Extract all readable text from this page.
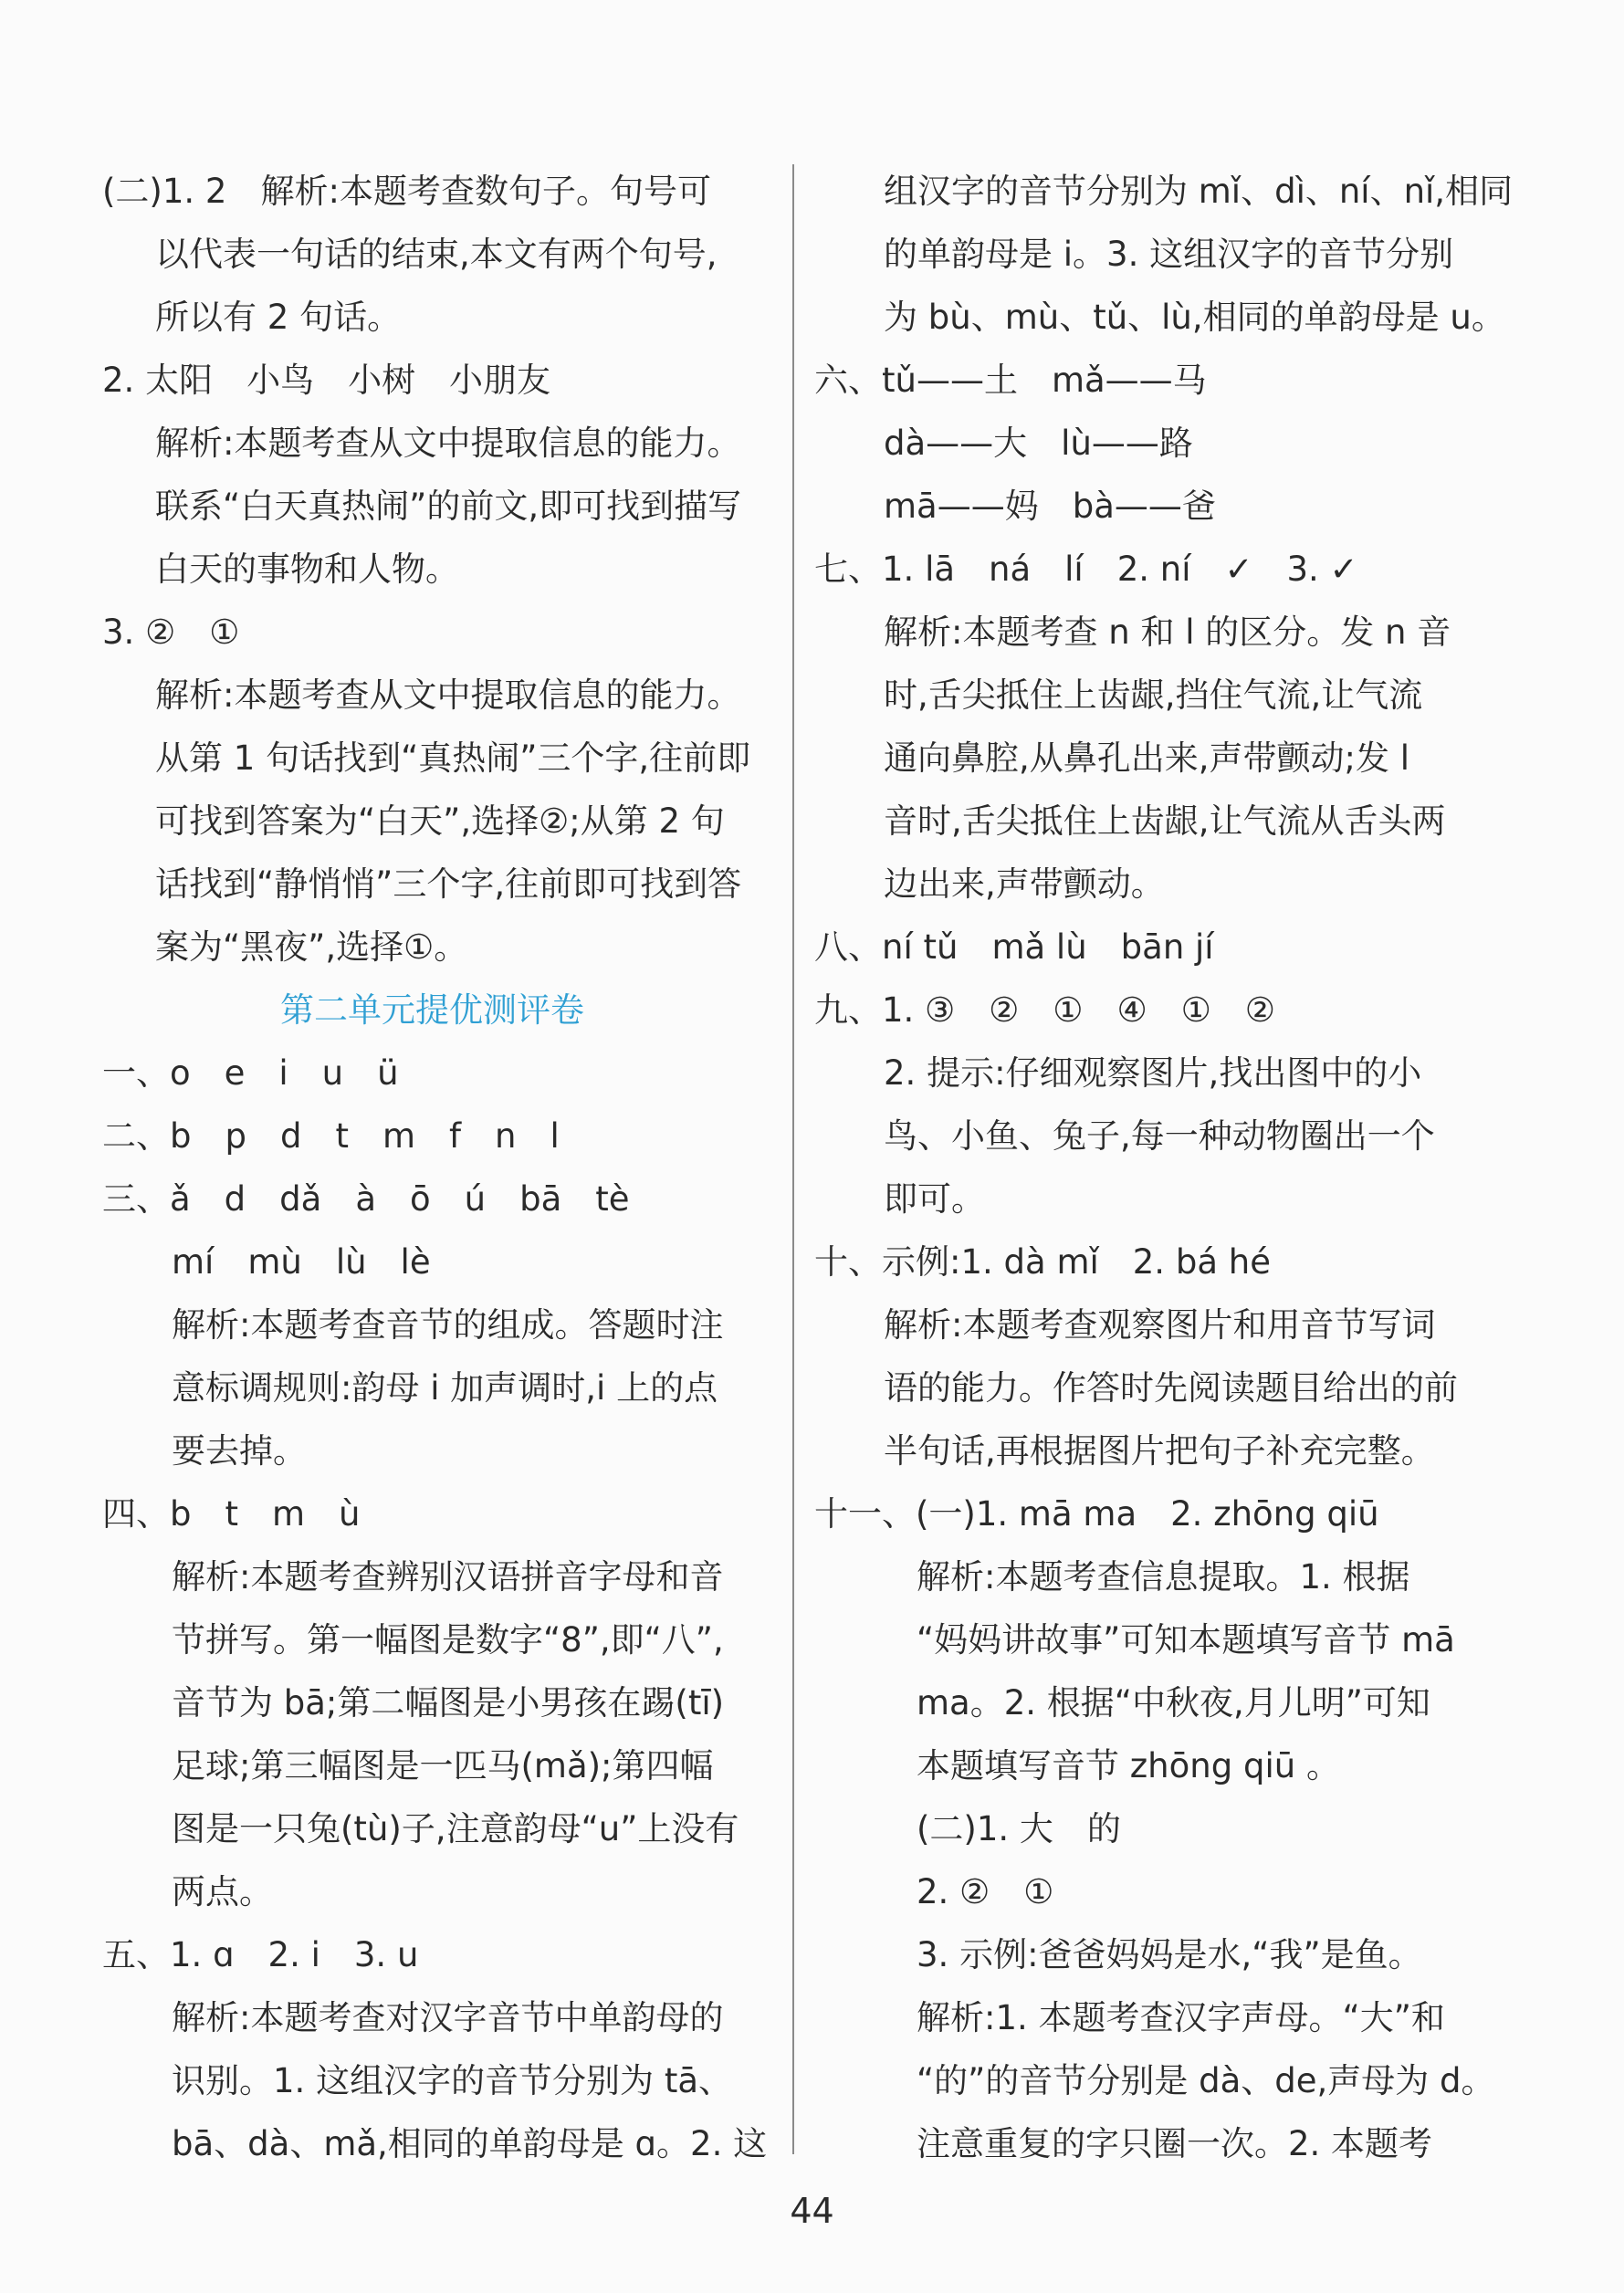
(二)1. 2　解析:本题考查数句子。句号可

以代表一句话的结束,本文有两个句号,

所以有 2 句话。

2. 太阳　小鸟　小树　小朋友

解析:本题考查从文中提取信息的能力。

联系“白天真热闹”的前文,即可找到描写

白天的事物和人物。

3. ②　①

解析:本题考查从文中提取信息的能力。

从第 1 句话找到“真热闹”三个字,往前即

可找到答案为“白天”,选择②;从第 2 句

话找到“静悄悄”三个字,往前即可找到答

案为“黑夜”,选择①。

第二单元提优测评卷

一、o　e　i　u　ü

二、b　p　d　t　m　f　n　l

三、ǎ　d　dǎ　à　ō　ú　bā　tè

mí　mù　lù　lè

解析:本题考查音节的组成。答题时注

意标调规则:韵母 i 加声调时,i 上的点

要去掉。

四、b　t　m　ù

解析:本题考查辨别汉语拼音字母和音

节拼写。第一幅图是数字“8”,即“八”,

音节为 bā;第二幅图是小男孩在踢(tī)

足球;第三幅图是一匹马(mǎ);第四幅

图是一只兔(tù)子,注意韵母“u”上没有

两点。

五、1. ɑ　2. i　3. u

解析:本题考查对汉字音节中单韵母的

识别。1. 这组汉字的音节分别为 tā、

bā、dà、mǎ,相同的单韵母是 ɑ。2. 这

组汉字的音节分别为 mǐ、dì、ní、nǐ,相同

的单韵母是 i。3. 这组汉字的音节分别

为 bù、mù、tǔ、lù,相同的单韵母是 u。

六、tǔ——土　mǎ——马

dà——大　lù——路

mā——妈　bà——爸

七、1. lā　ná　lí　2. ní　✓　3. ✓

解析:本题考查 n 和 l 的区分。发 n 音

时,舌尖抵住上齿龈,挡住气流,让气流

通向鼻腔,从鼻孔出来,声带颤动;发 l

音时,舌尖抵住上齿龈,让气流从舌头两

边出来,声带颤动。

八、ní tǔ　mǎ lù　bān jí

九、1. ③　②　①　④　①　②

2. 提示:仔细观察图片,找出图中的小

鸟、小鱼、兔子,每一种动物圈出一个

即可。

十、示例:1. dà mǐ　2. bá hé

解析:本题考查观察图片和用音节写词

语的能力。作答时先阅读题目给出的前

半句话,再根据图片把句子补充完整。

十一、(一)1. mā ma　2. zhōng qiū

解析:本题考查信息提取。1. 根据

“妈妈讲故事”可知本题填写音节 mā

ma。2. 根据“中秋夜,月儿明”可知

本题填写音节 zhōng qiū 。

(二)1. 大　的

2. ②　①

3. 示例:爸爸妈妈是水,“我”是鱼。

解析:1. 本题考查汉字声母。“大”和

“的”的音节分别是 dà、de,声母为 d。

注意重复的字只圈一次。2. 本题考

44
